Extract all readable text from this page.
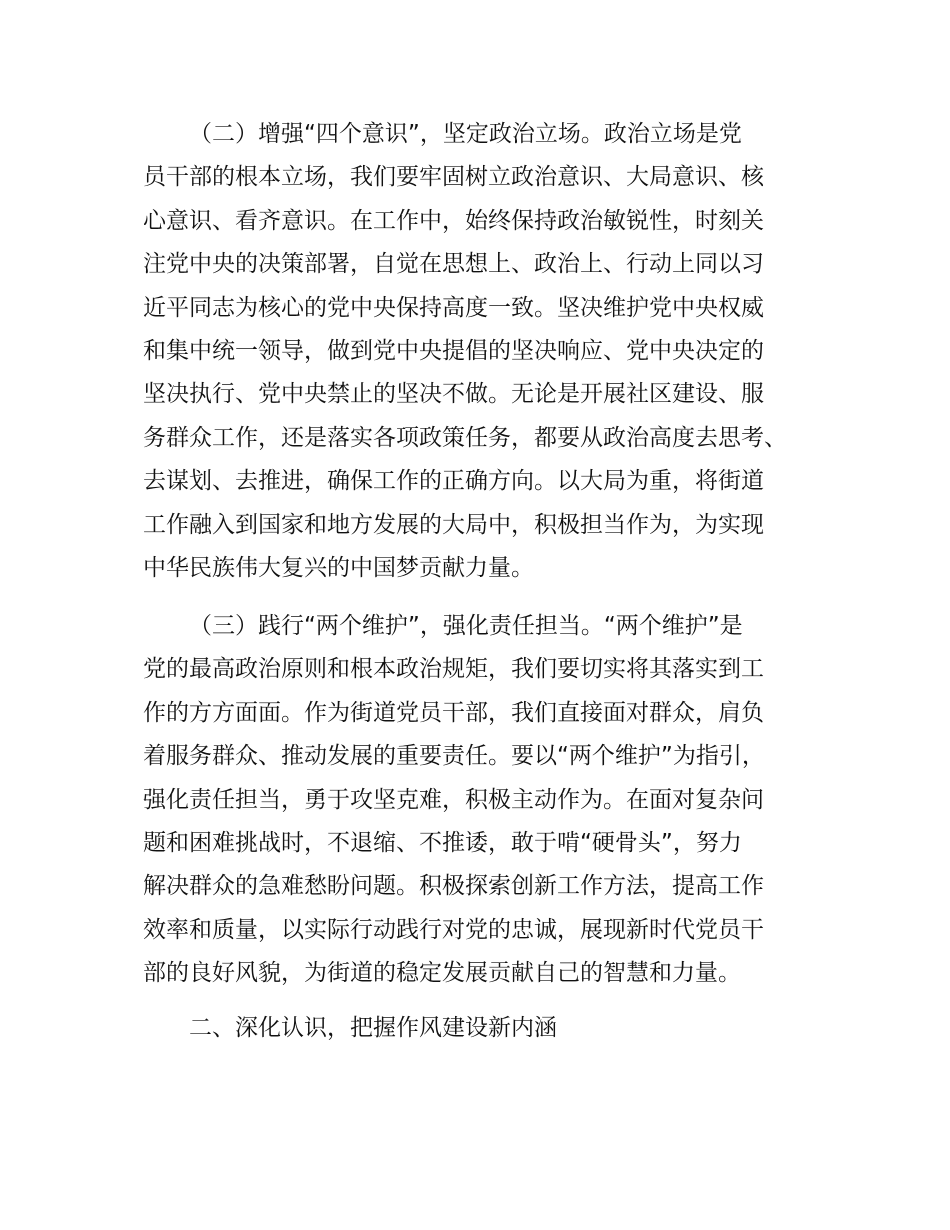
（二）增强“四个意识”，坚定政治立场。政治立场是党
员干部的根本立场，我们要牢固树立政治意识、大局意识、核
心意识、看齐意识。在工作中，始终保持政治敏锐性，时刻关
注党中央的决策部署，自觉在思想上、政治上、行动上同以习
近平同志为核心的党中央保持高度一致。坚决维护党中央权威
和集中统一领导，做到党中央提倡的坚决响应、党中央决定的
坚决执行、党中央禁止的坚决不做。无论是开展社区建设、服
务群众工作，还是落实各项政策任务，都要从政治高度去思考、
去谋划、去推进，确保工作的正确方向。以大局为重，将街道
工作融入到国家和地方发展的大局中，积极担当作为，为实现
中华民族伟大复兴的中国梦贡献力量。
（三）践行“两个维护”，强化责任担当。“两个维护”是
党的最高政治原则和根本政治规矩，我们要切实将其落实到工
作的方方面面。作为街道党员干部，我们直接面对群众，肩负
着服务群众、推动发展的重要责任。要以“两个维护”为指引，
强化责任担当，勇于攻坚克难，积极主动作为。在面对复杂问
题和困难挑战时，不退缩、不推诿，敢于啃“硬骨头”，努力
解决群众的急难愁盼问题。积极探索创新工作方法，提高工作
效率和质量，以实际行动践行对党的忠诚，展现新时代党员干
部的良好风貌，为街道的稳定发展贡献自己的智慧和力量。
二、深化认识，把握作风建设新内涵
